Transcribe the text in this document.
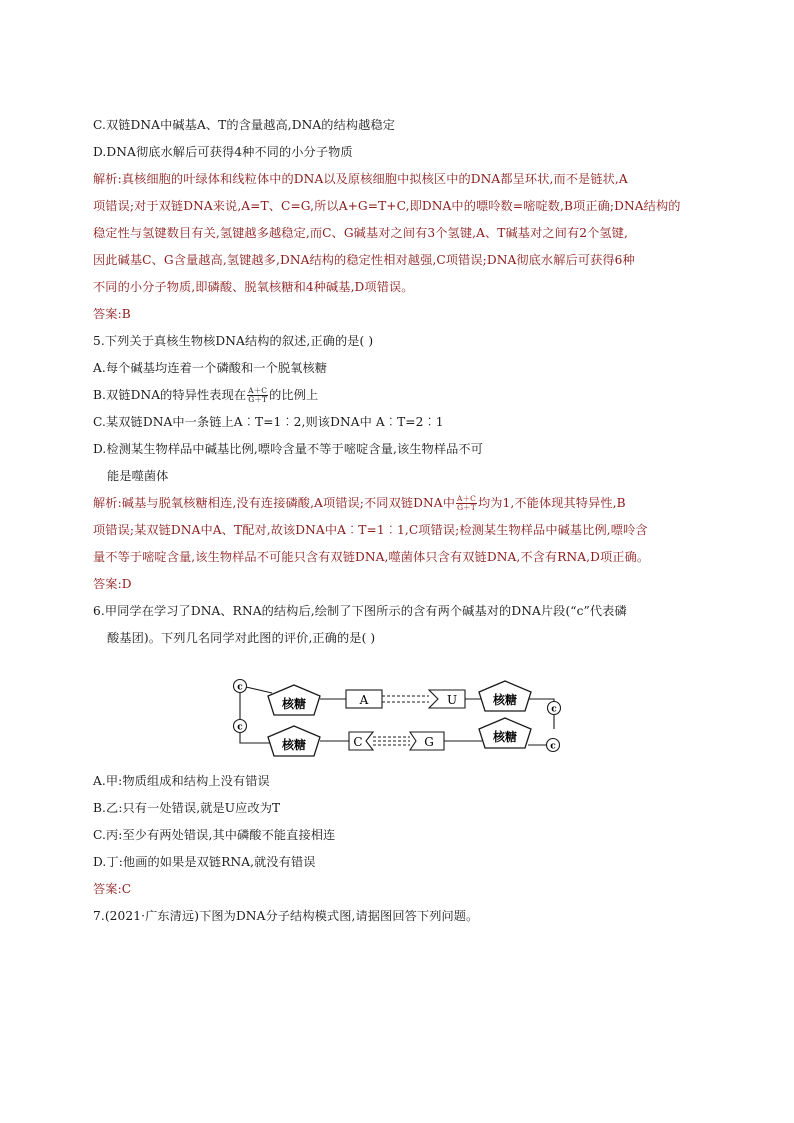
C.双链DNA中碱基A、T的含量越高,DNA的结构越稳定
D.DNA彻底水解后可获得4种不同的小分子物质
解析:真核细胞的叶绿体和线粒体中的DNA以及原核细胞中拟核区中的DNA都呈环状,而不是链状,A
项错误;对于双链DNA来说,A=T、C=G,所以A+G=T+C,即DNA中的嘌呤数=嘧啶数,B项正确;DNA结构的
稳定性与氢键数目有关,氢键越多越稳定,而C、G碱基对之间有3个氢键,A、T碱基对之间有2个氢键,
因此碱基C、G含量越高,氢键越多,DNA结构的稳定性相对越强,C项错误;DNA彻底水解后可获得6种
不同的小分子物质,即磷酸、脱氧核糖和4种碱基,D项错误。
答案:B
5.下列关于真核生物核DNA结构的叙述,正确的是( )
A.每个碱基均连着一个磷酸和一个脱氧核糖
B.双链DNA的特异性表现在 $\frac{A+C}{G+T}$ 的比例上
C.某双链DNA中一条链上A︰T=1︰2,则该DNA中 A︰T=2︰1
D.检测某生物样品中碱基比例,嘌呤含量不等于嘧啶含量,该生物样品不可
能是噬菌体
解析:碱基与脱氧核糖相连,没有连接磷酸,A项错误;不同双链DNA中 $\frac{A+C}{G+T}$ 均为1,不能体现其特异性,B
项错误;某双链DNA中A、T配对,故该DNA中A︰T=1︰1,C项错误;检测某生物样品中碱基比例,嘌呤含
量不等于嘧啶含量,该生物样品不可能只含有双链DNA,噬菌体只含有双链DNA,不含有RNA,D项正确。
答案:D
6.甲同学在学习了DNA、RNA的结构后,绘制了下图所示的含有两个碱基对的DNA片段(“c”代表磷
酸基团)。下列几名同学对此图的评价,正确的是( )
c
c
c
c
核糖
核糖
核糖
核糖
A	U
C	G
A.甲:物质组成和结构上没有错误
B.乙:只有一处错误,就是U应改为T
C.丙:至少有两处错误,其中磷酸不能直接相连
D.丁:他画的如果是双链RNA,就没有错误
答案:C
7.(2021·广东清远)下图为DNA分子结构模式图,请据图回答下列问题。
